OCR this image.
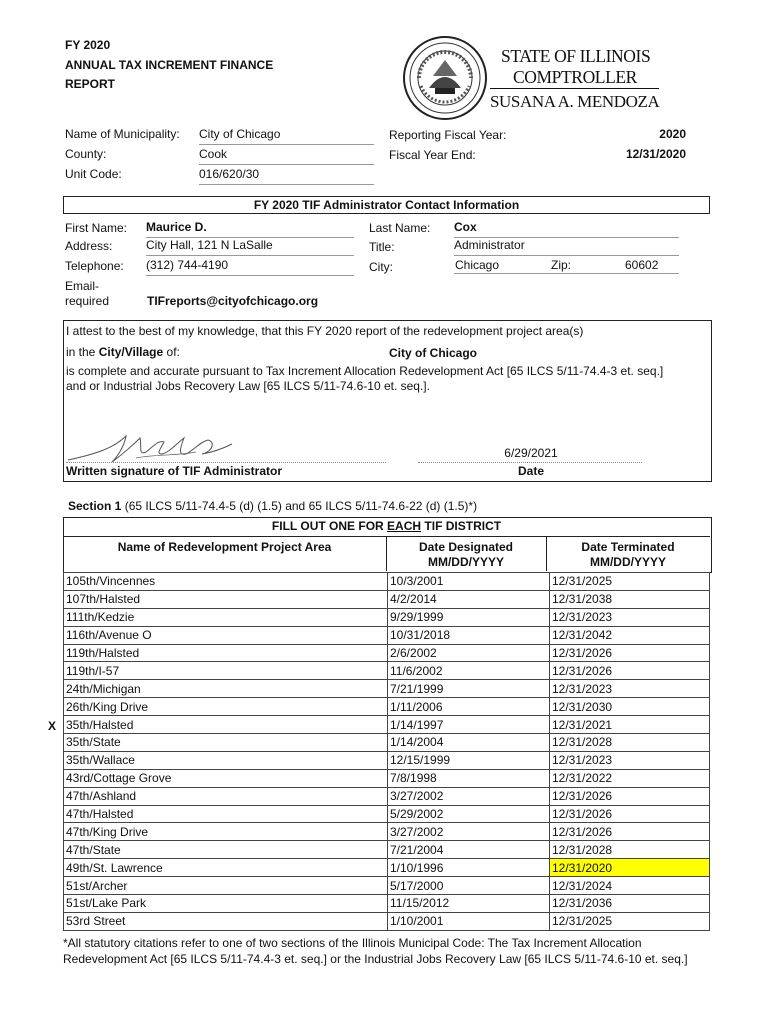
FY 2020
ANNUAL TAX INCREMENT FINANCE
REPORT
STATE OF ILLINOIS
COMPTROLLER
SUSANA A. MENDOZA
Name of Municipality: City of Chicago
County:	Cook
Unit Code:	016/620/30
Reporting Fiscal Year:	2020
Fiscal Year End:	12/31/2020
FY 2020 TIF Administrator Contact Information
First Name: Maurice D.	Last Name: Cox
Address:	City Hall, 121 N LaSalle	Title:	Administrator
Telephone: (312) 744-4190	City:	Chicago	Zip:	60602
Email-
required	TIFreports@cityofchicago.org
I attest to the best of my knowledge, that this FY 2020 report of the redevelopment project area(s)
in the City/Village of:	City of Chicago
is complete and accurate pursuant to Tax Increment Allocation Redevelopment Act [65 ILCS 5/11-74.4-3 et. seq.]
and or Industrial Jobs Recovery Law [65 ILCS 5/11-74.6-10 et. seq.].
Written signature of TIF Administrator
6/29/2021
Date
Section 1 (65 ILCS 5/11-74.4-5 (d) (1.5) and 65 ILCS 5/11-74.6-22 (d) (1.5)*)
FILL OUT ONE FOR EACH TIF DISTRICT
Name of Redevelopment Project Area	Date Designated
MM/DD/YYYY
Date Terminated
MM/DD/YYYY
X
105th/Vincennes	10/3/2001	12/31/2025
107th/Halsted	4/2/2014	12/31/2038
111th/Kedzie	9/29/1999	12/31/2023
116th/Avenue O	10/31/2018	12/31/2042
119th/Halsted	2/6/2002	12/31/2026
119th/I-57	11/6/2002	12/31/2026
24th/Michigan	7/21/1999	12/31/2023
26th/King Drive	1/11/2006	12/31/2030
35th/Halsted	1/14/1997	12/31/2021
35th/State	1/14/2004	12/31/2028
35th/Wallace	12/15/1999	12/31/2023
43rd/Cottage Grove	7/8/1998	12/31/2022
47th/Ashland	3/27/2002	12/31/2026
47th/Halsted	5/29/2002	12/31/2026
47th/King Drive	3/27/2002	12/31/2026
47th/State	7/21/2004	12/31/2028
49th/St. Lawrence	1/10/1996	12/31/2020
51st/Archer	5/17/2000	12/31/2024
51st/Lake Park	11/15/2012	12/31/2036
53rd Street	1/10/2001	12/31/2025
*All statutory citations refer to one of two sections of the Illinois Municipal Code: The Tax Increment Allocation Redevelopment Act [65 ILCS 5/11-74.4-3 et. seq.] or the Industrial Jobs Recovery Law [65 ILCS 5/11-74.6-10 et. seq.]
